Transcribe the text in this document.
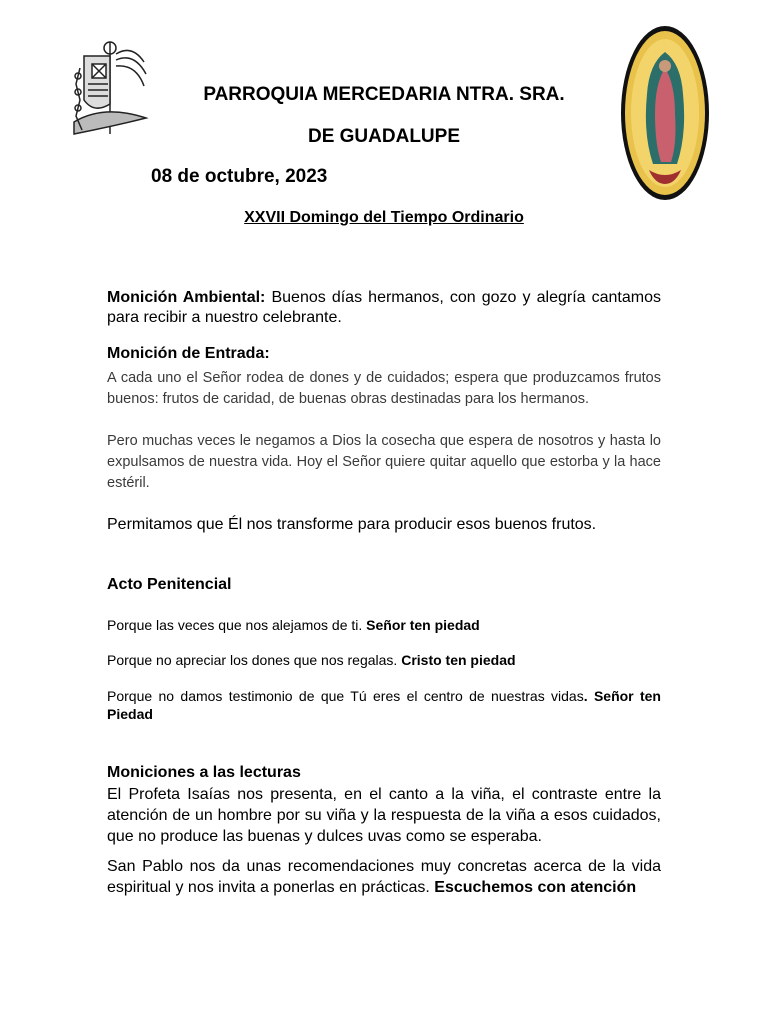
PARROQUIA MERCEDARIA NTRA. SRA.
DE GUADALUPE
08 de octubre, 2023
XXVII Domingo del Tiempo Ordinario
Monición Ambiental: Buenos días hermanos, con gozo y alegría cantamos para recibir a nuestro celebrante.
Monición de Entrada:
A cada uno el Señor rodea de dones y de cuidados; espera que produzcamos frutos buenos: frutos de caridad, de buenas obras destinadas para los hermanos.
Pero muchas veces le negamos a Dios la cosecha que espera de nosotros y hasta lo expulsamos de nuestra vida. Hoy el Señor quiere quitar aquello que estorba y la hace estéril.
Permitamos que Él nos transforme para producir esos buenos frutos.
Acto Penitencial
Porque las veces que nos alejamos de ti. Señor ten piedad
Porque no apreciar los dones que nos regalas. Cristo ten piedad
Porque no damos testimonio de que Tú eres el centro de nuestras vidas. Señor ten Piedad
Moniciones a las lecturas
El Profeta Isaías nos presenta, en el canto a la viña, el contraste entre la atención de un hombre por su viña y la respuesta de la viña a esos cuidados, que no produce las buenas y dulces uvas como se esperaba.
San Pablo nos da unas recomendaciones muy concretas acerca de la vida espiritual y nos invita a ponerlas en prácticas. Escuchemos con atención
